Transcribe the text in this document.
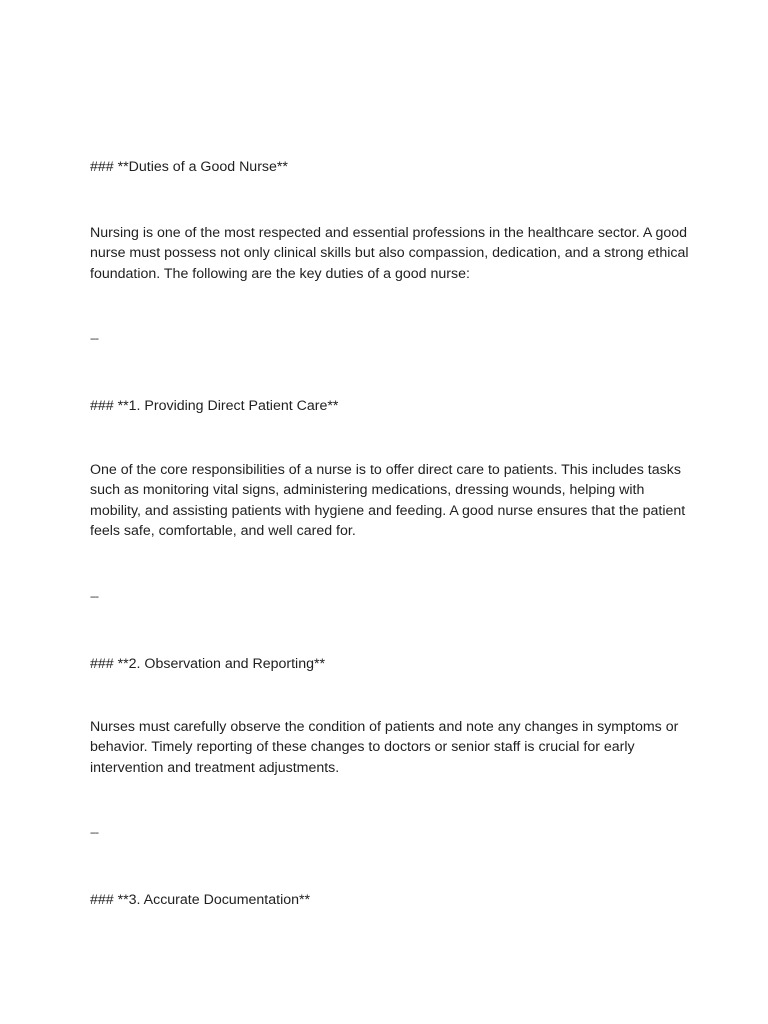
### **Duties of a Good Nurse**

Nursing is one of the most respected and essential professions in the healthcare sector. A good
nurse must possess not only clinical skills but also compassion, dedication, and a strong ethical
foundation. The following are the key duties of a good nurse:

---

### **1. Providing Direct Patient Care**

One of the core responsibilities of a nurse is to offer direct care to patients. This includes tasks
such as monitoring vital signs, administering medications, dressing wounds, helping with
mobility, and assisting patients with hygiene and feeding. A good nurse ensures that the patient
feels safe, comfortable, and well cared for.

---

### **2. Observation and Reporting**

Nurses must carefully observe the condition of patients and note any changes in symptoms or
behavior. Timely reporting of these changes to doctors or senior staff is crucial for early
intervention and treatment adjustments.

---

### **3. Accurate Documentation**
